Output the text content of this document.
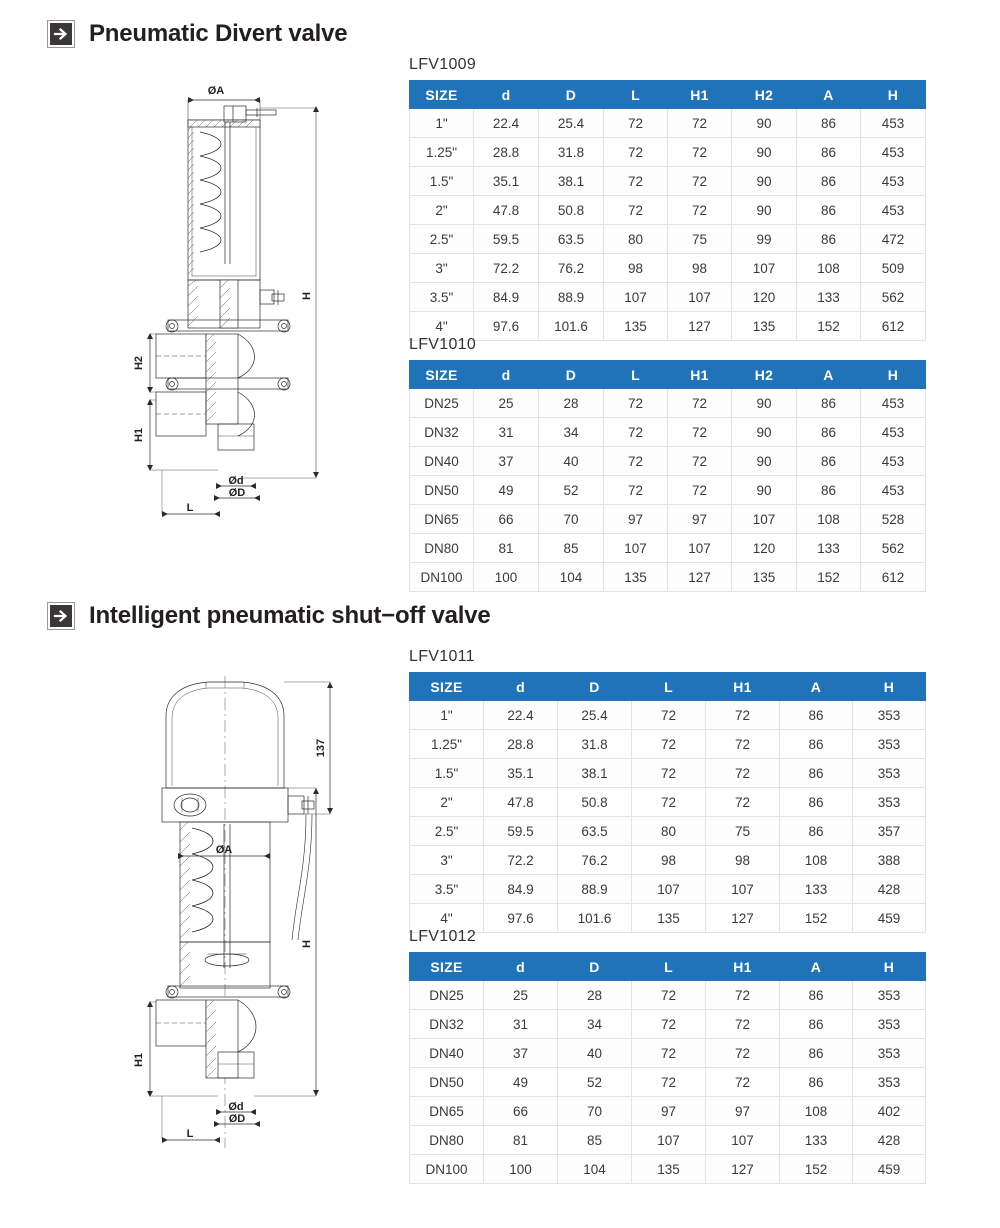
Pneumatic Divert valve
ØA
H
H2
H1
Ød
ØD
L
LFV1009
SIZE	d	D	L	H1	H2	A	H
1"	22.4	25.4	72	72	90	86	453
1.25"	28.8	31.8	72	72	90	86	453
1.5"	35.1	38.1	72	72	90	86	453
2"	47.8	50.8	72	72	90	86	453
2.5"	59.5	63.5	80	75	99	86	472
3"	72.2	76.2	98	98	107	108	509
3.5"	84.9	88.9	107	107	120	133	562
4"	97.6	101.6	135	127	135	152	612
LFV1010
SIZE	d	D	L	H1	H2	A	H
DN25	25	28	72	72	90	86	453
DN32	31	34	72	72	90	86	453
DN40	37	40	72	72	90	86	453
DN50	49	52	72	72	90	86	453
DN65	66	70	97	97	107	108	528
DN80	81	85	107	107	120	133	562
DN100	100	104	135	127	135	152	612
Intelligent pneumatic shut−off valve
137
ØA
H
H1
Ød
ØD
L
LFV1011
SIZE	d	D	L	H1	A	H
1"	22.4	25.4	72	72	86	353
1.25"	28.8	31.8	72	72	86	353
1.5"	35.1	38.1	72	72	86	353
2"	47.8	50.8	72	72	86	353
2.5"	59.5	63.5	80	75	86	357
3"	72.2	76.2	98	98	108	388
3.5"	84.9	88.9	107	107	133	428
4"	97.6	101.6	135	127	152	459
LFV1012
SIZE	d	D	L	H1	A	H
DN25	25	28	72	72	86	353
DN32	31	34	72	72	86	353
DN40	37	40	72	72	86	353
DN50	49	52	72	72	86	353
DN65	66	70	97	97	108	402
DN80	81	85	107	107	133	428
DN100	100	104	135	127	152	459
